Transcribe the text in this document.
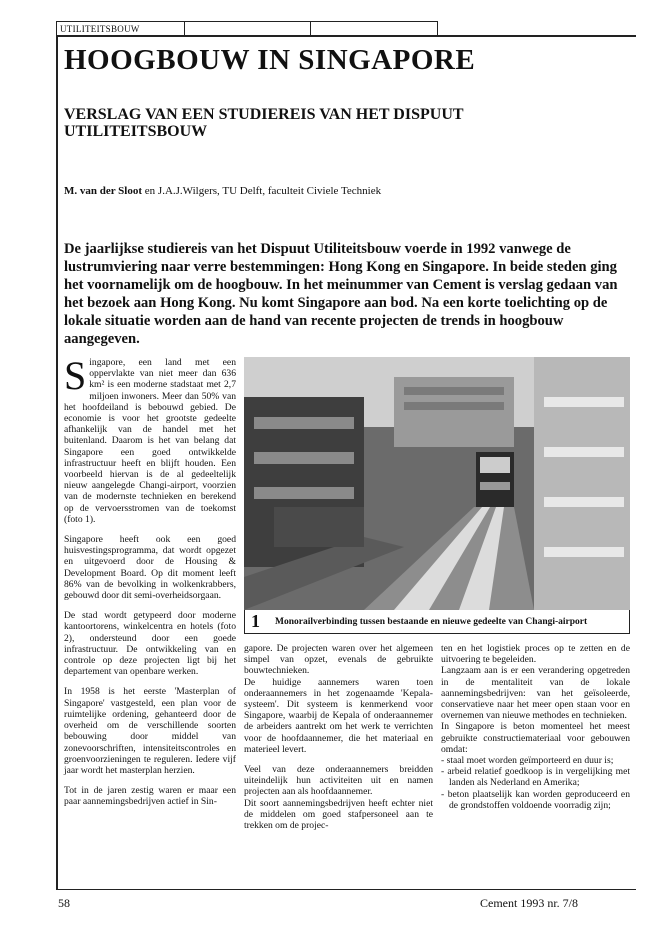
UTILITEITSBOUW
HOOGBOUW IN SINGAPORE
VERSLAG VAN EEN STUDIEREIS VAN HET DISPUUT UTILITEITSBOUW
M. van der Sloot en J.A.J.Wilgers, TU Delft, faculteit Civiele Techniek
De jaarlijkse studiereis van het Dispuut Utiliteitsbouw voerde in 1992 vanwege de lustrumviering naar verre bestemmingen: Hong Kong en Singapore. In beide steden ging het voornamelijk om de hoogbouw. In het meinummer van Cement is verslag gedaan van het bezoek aan Hong Kong. Nu komt Singapore aan bod. Na een korte toelichting op de lokale situatie worden aan de hand van recente projecten de trends in hoogbouw aangegeven.

Singapore, een land met een oppervlakte van niet meer dan 636 km² is een moderne stadstaat met 2,7 miljoen inwoners. Meer dan 50% van het hoofdeiland is bebouwd gebied. De economie is voor het grootste gedeelte afhankelijk van de handel met het buitenland. Daarom is het van belang dat Singapore een goed ontwikkelde infrastructuur heeft en blijft houden. Een voorbeeld hiervan is de al gedeeltelijk nieuw aangelegde Changi-airport, voorzien van de modernste technieken en berekend op de vervoersstromen van de toekomst (foto 1).

Singapore heeft ook een goed huisvestingsprogramma, dat wordt opgezet en uitgevoerd door de Housing & Development Board. Op dit moment leeft 86% van de bevolking in wolkenkrabbers, gebouwd door dit semi-overheidsorgaan.

De stad wordt getypeerd door moderne kantoortorens, winkelcentra en hotels (foto 2), ondersteund door een goede infrastructuur. De ontwikkeling van en controle op deze projecten ligt bij het departement van openbare werken.

In 1958 is het eerste 'Masterplan of Singapore' vastgesteld, een plan voor de ruimtelijke ordening, gehanteerd door de overheid om de verschillende soorten bebouwing door middel van zonevoorschriften, intensiteitscontroles en groenvoorzieningen te reguleren. Iedere vijf jaar wordt het masterplan herzien.

Tot in de jaren zestig waren er maar een paar aannemingsbedrijven actief in Sin-

1	Monorailverbinding tussen bestaande en nieuwe gedeelte van Changi-airport

gapore. De projecten waren over het algemeen simpel van opzet, evenals de gebruikte bouwtechnieken.

De huidige aannemers waren toen onderaannemers in het zogenaamde 'Kepala-systeem'. Dit systeem is kenmerkend voor Singapore, waarbij de Kepala of onderaannemer de arbeiders aantrekt om het werk te verrichten voor de hoofdaannemer, die het materiaal en materieel levert.

Veel van deze onderaannemers breidden uiteindelijk hun activiteiten uit en namen projecten aan als hoofdaannemer.

Dit soort aannemingsbedrijven heeft echter niet de middelen om goed stafpersoneel aan te trekken om de projec-

ten en het logistiek proces op te zetten en de uitvoering te begeleiden.

Langzaam aan is er een verandering opgetreden in de mentaliteit van de lokale aannemingsbedrijven: van het geïsoleerde, conservatieve naar het meer open staan voor en overnemen van nieuwe methodes en technieken.

In Singapore is beton momenteel het meest gebruikte constructiemateriaal voor gebouwen omdat:

- staal moet worden geïmporteerd en duur is;
- arbeid relatief goedkoop is in vergelijking met landen als Nederland en Amerika;
- beton plaatselijk kan worden geproduceerd en de grondstoffen voldoende voorradig zijn;
58	Cement 1993 nr. 7/8
